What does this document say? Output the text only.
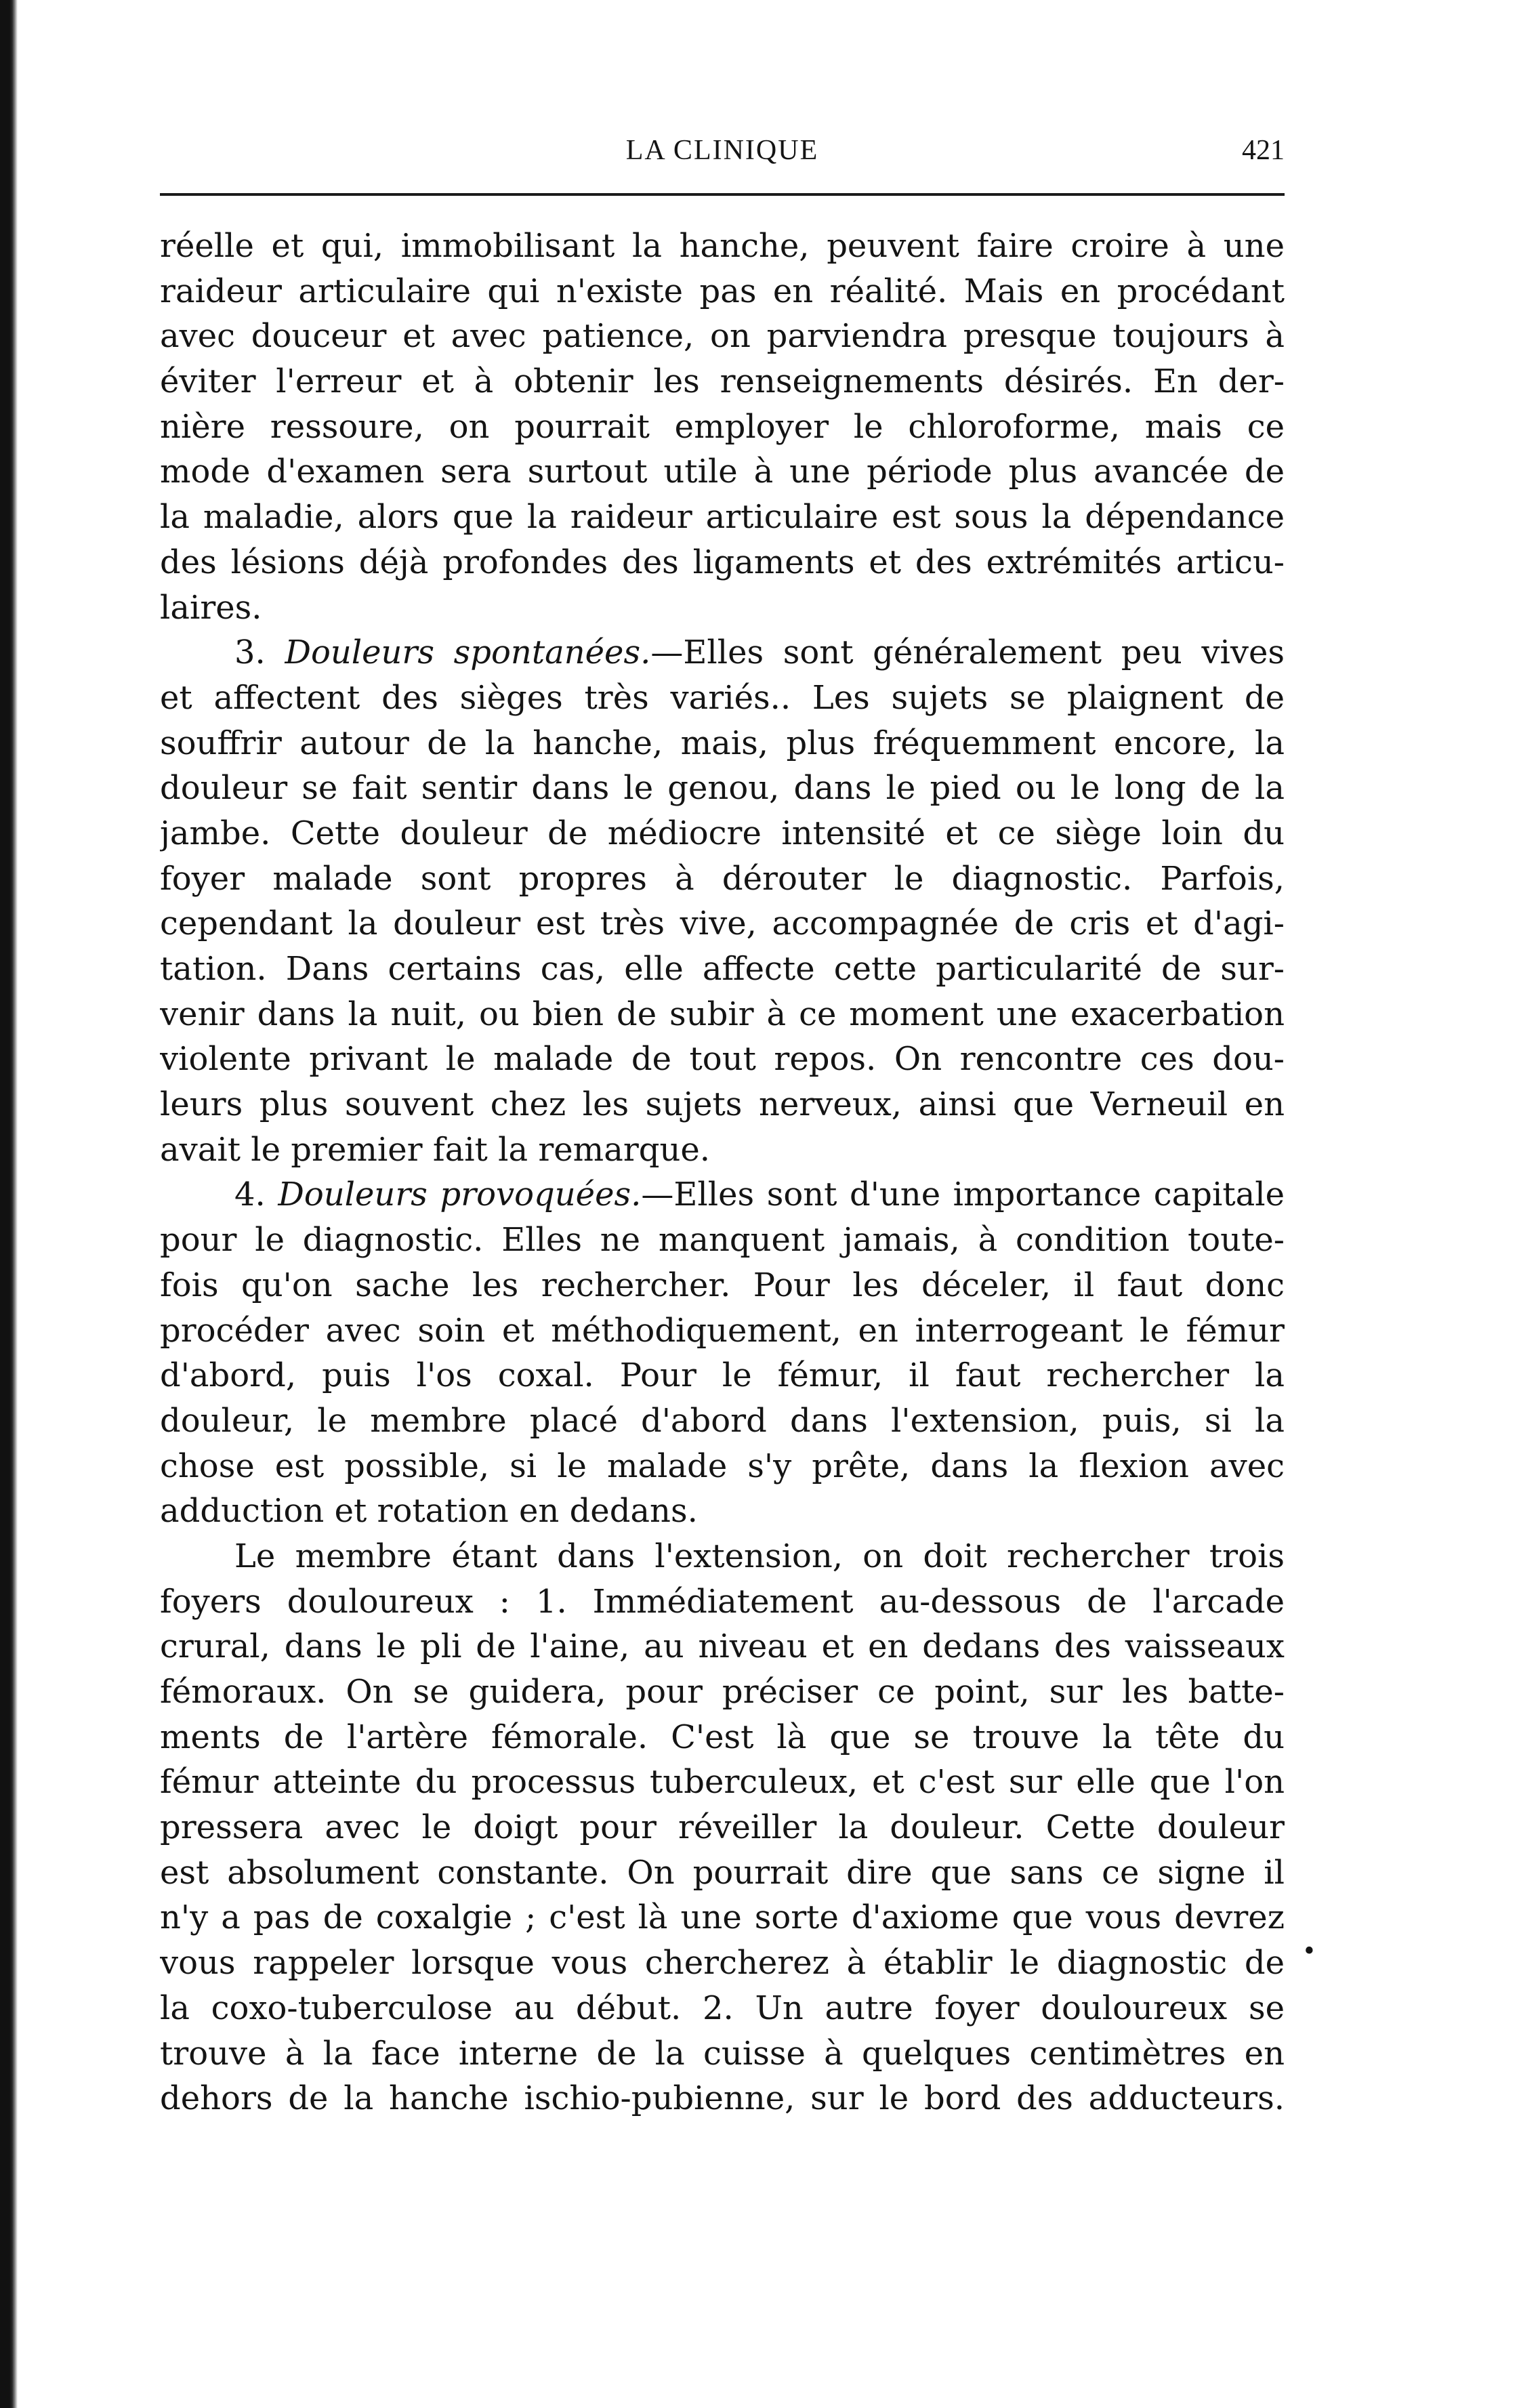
LA CLINIQUE	421
réelle et qui, immobilisant la hanche, peuvent faire croire à une
raideur articulaire qui n'existe pas en réalité. Mais en procédant
avec douceur et avec patience, on parviendra presque toujours à
éviter l'erreur et à obtenir les renseignements désirés. En der-
nière ressoure, on pourrait employer le chloroforme, mais ce
mode d'examen sera surtout utile à une période plus avancée de
la maladie, alors que la raideur articulaire est sous la dépendance
des lésions déjà profondes des ligaments et des extrémités articu-
laires.
3. Douleurs spontanées.—Elles sont généralement peu vives
et affectent des sièges très variés.. Les sujets se plaignent de
souffrir autour de la hanche, mais, plus fréquemment encore, la
douleur se fait sentir dans le genou, dans le pied ou le long de la
jambe. Cette douleur de médiocre intensité et ce siège loin du
foyer malade sont propres à dérouter le diagnostic. Parfois,
cependant la douleur est très vive, accompagnée de cris et d'agi-
tation. Dans certains cas, elle affecte cette particularité de sur-
venir dans la nuit, ou bien de subir à ce moment une exacerbation
violente privant le malade de tout repos. On rencontre ces dou-
leurs plus souvent chez les sujets nerveux, ainsi que Verneuil en
avait le premier fait la remarque.
4. Douleurs provoquées.—Elles sont d'une importance capitale
pour le diagnostic. Elles ne manquent jamais, à condition toute-
fois qu'on sache les rechercher. Pour les déceler, il faut donc
procéder avec soin et méthodiquement, en interrogeant le fémur
d'abord, puis l'os coxal. Pour le fémur, il faut rechercher la
douleur, le membre placé d'abord dans l'extension, puis, si la
chose est possible, si le malade s'y prête, dans la flexion avec
adduction et rotation en dedans.
Le membre étant dans l'extension, on doit rechercher trois
foyers douloureux : 1. Immédiatement au-dessous de l'arcade
crural, dans le pli de l'aine, au niveau et en dedans des vaisseaux
fémoraux. On se guidera, pour préciser ce point, sur les batte-
ments de l'artère fémorale. C'est là que se trouve la tête du
fémur atteinte du processus tuberculeux, et c'est sur elle que l'on
pressera avec le doigt pour réveiller la douleur. Cette douleur
est absolument constante. On pourrait dire que sans ce signe il
n'y a pas de coxalgie ; c'est là une sorte d'axiome que vous devrez
vous rappeler lorsque vous chercherez à établir le diagnostic de
la coxo-tuberculose au début. 2. Un autre foyer douloureux se
trouve à la face interne de la cuisse à quelques centimètres en
dehors de la hanche ischio-pubienne, sur le bord des adducteurs.
•
